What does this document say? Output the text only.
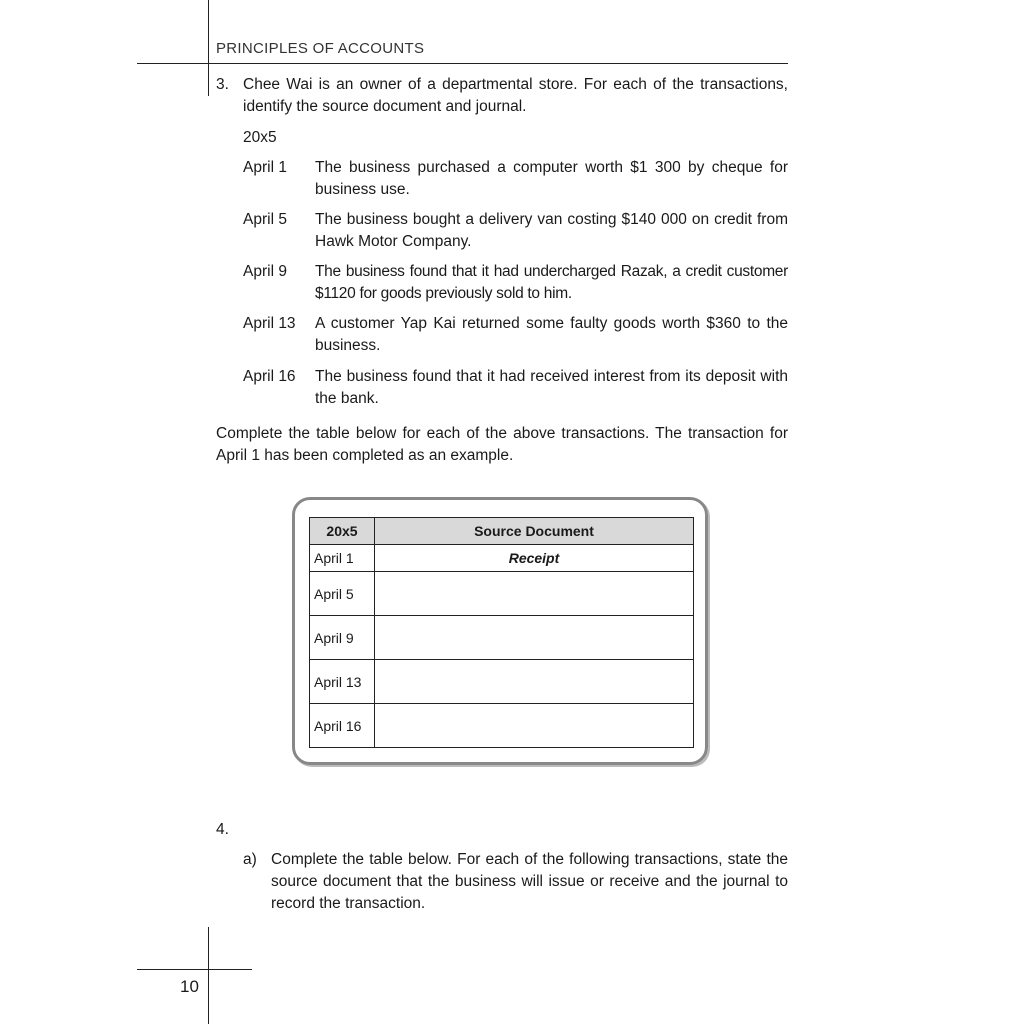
PRINCIPLES OF ACCOUNTS
3. Chee Wai is an owner of a departmental store. For each of the transactions, identify the source document and journal.
20x5
April 1	The business purchased a computer worth $1 300 by cheque for business use.
April 5	The business bought a delivery van costing $140 000 on credit from Hawk Motor Company.
April 9	The business found that it had undercharged Razak, a credit customer $1120 for goods previously sold to him.
April 13	A customer Yap Kai returned some faulty goods worth $360 to the business.
April 16	The business found that it had received interest from its deposit with the bank.
Complete the table below for each of the above transactions. The transaction for April 1 has been completed as an example.
20x5	Source Document
April 1	Receipt
April 5	
April 9	
April 13	
April 16	
4.
a) Complete the table below. For each of the following transactions, state the source document that the business will issue or receive and the journal to record the transaction.
10
